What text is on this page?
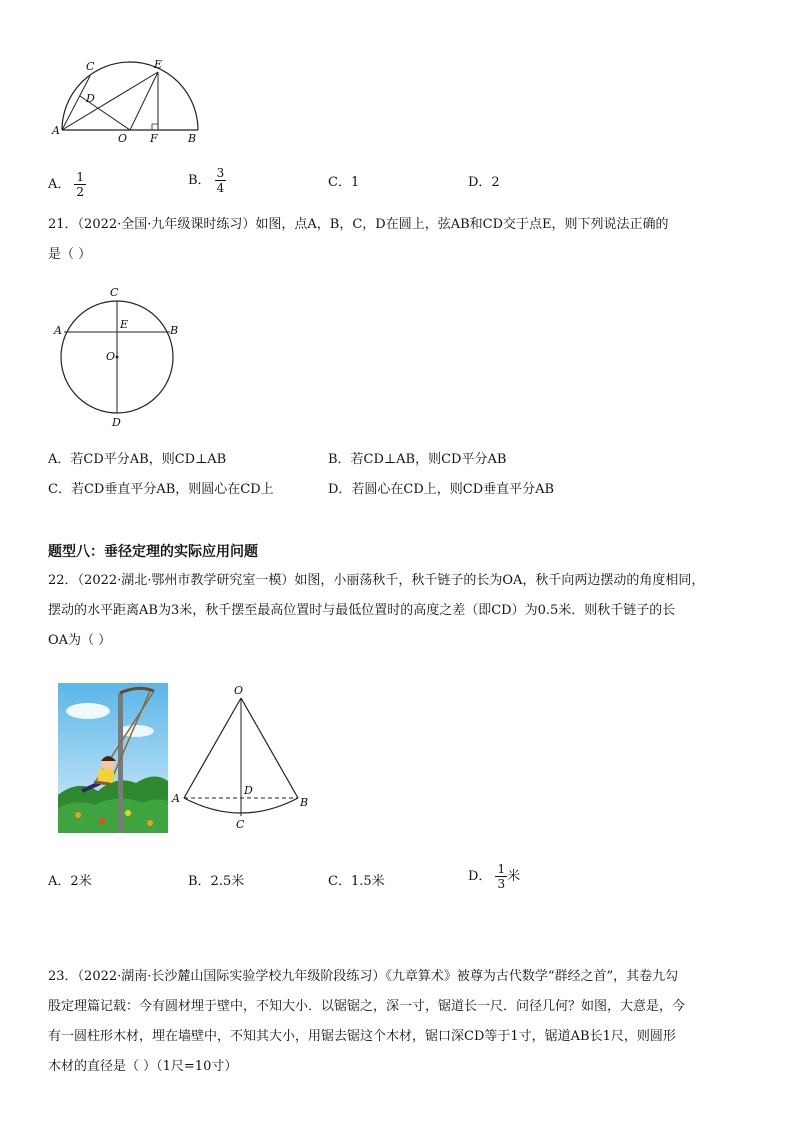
A
C
D
E
O F	B
A． $\frac{1}{2}$	B． $\frac{3}{4}$	C．1	D．2
21．（2022·全国·九年级课时练习）如图，点A，B，C，D在圆上，弦AB和CD交于点E，则下列说法正确的
是（ ）
C
A	E	B
O
D
A．若CD平分AB，则CD⊥AB	B．若CD⊥AB，则CD平分AB
C．若CD垂直平分AB，则圆心在CD上	D．若圆心在CD上，则CD垂直平分AB
题型八：垂径定理的实际应用问题
22．（2022·湖北·鄂州市教学研究室一模）如图，小丽荡秋千，秋千链子的长为OA，秋千向两边摆动的角度相同，
摆动的水平距离AB为3米，秋千摆至最高位置时与最低位置时的高度之差（即CD）为0.5米．则秋千链子的长
OA为（ ）
O
D
A	B
C
A．2米	B．2.5米	C．1.5米	D． $\frac{1}{3}$ 米
23．（2022·湖南·长沙麓山国际实验学校九年级阶段练习）《九章算术》被尊为古代数学“群经之首”，其卷九勾
股定理篇记载：今有圆材埋于壁中，不知大小．以锯锯之，深一寸，锯道长一尺．问径几何？如图，大意是，今
有一圆柱形木材，埋在墙壁中，不知其大小，用锯去锯这个木材，锯口深CD等于1寸，锯道AB长1尺，则圆形
木材的直径是（ ）（1尺=10寸）
